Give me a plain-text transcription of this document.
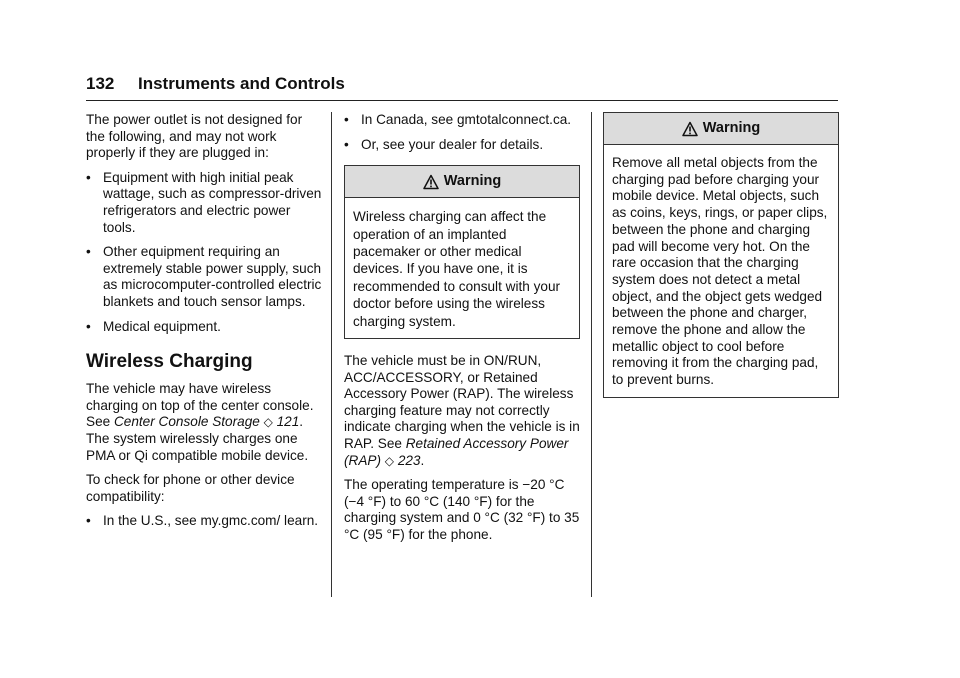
132 Instruments and Controls

The power outlet is not designed for the following, and may not work properly if they are plugged in:

• Equipment with high initial peak wattage, such as compressor-driven refrigerators and electric power tools.
• Other equipment requiring an extremely stable power supply, such as microcomputer-controlled electric blankets and touch sensor lamps.
• Medical equipment.
Wireless Charging

The vehicle may have wireless charging on top of the center console. See Center Console Storage ◇ 121. The system wirelessly charges one PMA or Qi compatible mobile device.

To check for phone or other device compatibility:

• In the U.S., see my.gmc.com/ learn.
• In Canada, see gmtotalconnect.ca.
• Or, see your dealer for details.
Warning
Wireless charging can affect the operation of an implanted pacemaker or other medical devices. If you have one, it is recommended to consult with your doctor before using the wireless charging system.

The vehicle must be in ON/RUN, ACC/ACCESSORY, or Retained Accessory Power (RAP). The wireless charging feature may not correctly indicate charging when the vehicle is in RAP. See Retained Accessory Power (RAP) ◇ 223.

The operating temperature is −20 °C (−4 °F) to 60 °C (140 °F) for the charging system and 0 °C (32 °F) to 35 °C (95 °F) for the phone.

Warning
Remove all metal objects from the charging pad before charging your mobile device. Metal objects, such as coins, keys, rings, or paper clips, between the phone and charging pad will become very hot. On the rare occasion that the charging system does not detect a metal object, and the object gets wedged between the phone and charger, remove the phone and allow the metallic object to cool before removing it from the charging pad, to prevent burns.
